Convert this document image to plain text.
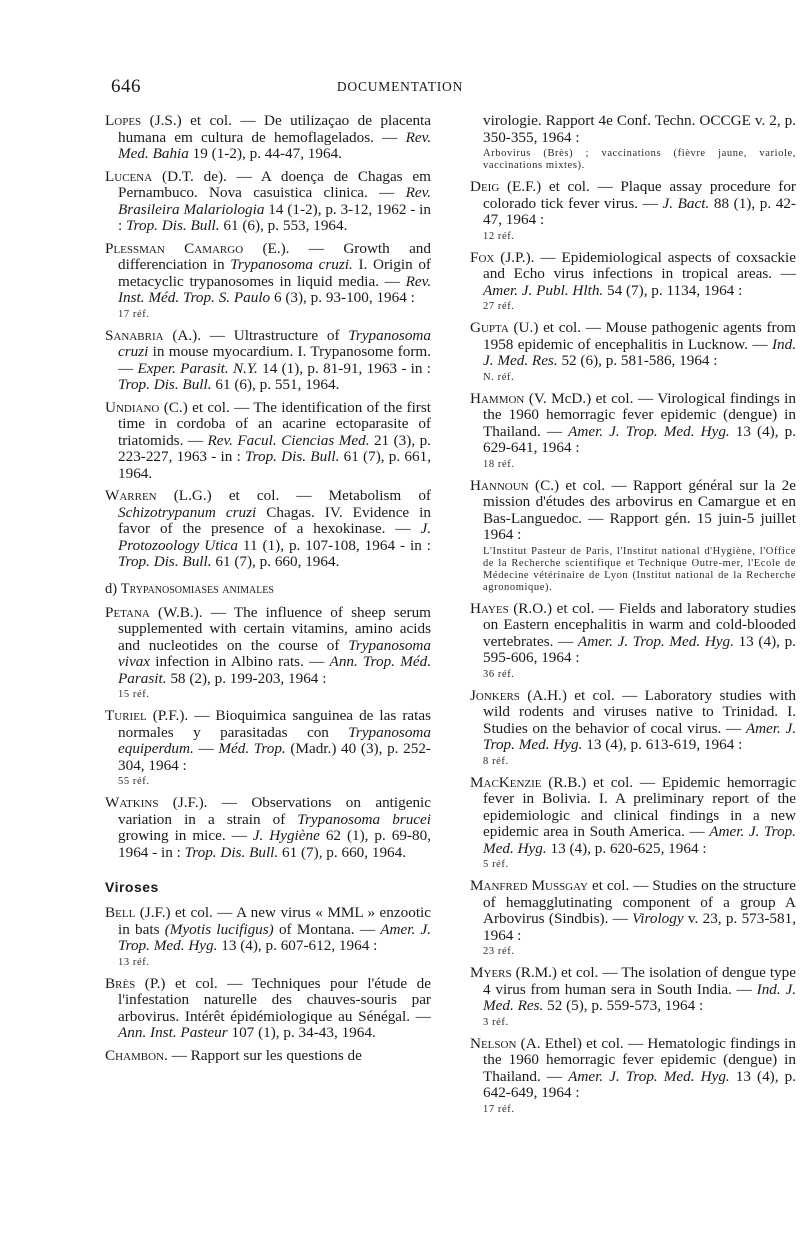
646	DOCUMENTATION
Lopes (J.S.) et col. — De utilizaçao de placenta humana em cultura de hemoflagelados. — Rev. Med. Bahia 19 (1-2), p. 44-47, 1964.
Lucena (D.T. de). — A doença de Chagas em Pernambuco. Nova casuistica clinica. — Rev. Brasileira Malariologia 14 (1-2), p. 3-12, 1962 - in : Trop. Dis. Bull. 61 (6), p. 553, 1964.
Plessman Camargo (E.). — Growth and differenciation in Trypanosoma cruzi. I. Origin of metacyclic trypanosomes in liquid media. — Rev. Inst. Méd. Trop. S. Paulo 6 (3), p. 93-100, 1964 :
17 réf.
Sanabria (A.). — Ultrastructure of Trypanosoma cruzi in mouse myocardium. I. Trypanosome form. — Exper. Parasit. N.Y. 14 (1), p. 81-91, 1963 - in : Trop. Dis. Bull. 61 (6), p. 551, 1964.
Undiano (C.) et col. — The identification of the first time in cordoba of an acarine ectoparasite of triatomids. — Rev. Facul. Ciencias Med. 21 (3), p. 223-227, 1963 - in : Trop. Dis. Bull. 61 (7), p. 661, 1964.
Warren (L.G.) et col. — Metabolism of Schizotrypanum cruzi Chagas. IV. Evidence in favor of the presence of a hexokinase. — J. Protozoology Utica 11 (1), p. 107-108, 1964 - in : Trop. Dis. Bull. 61 (7), p. 660, 1964.
d) Trypanosomiases animales
Petana (W.B.). — The influence of sheep serum supplemented with certain vitamins, amino acids and nucleotides on the course of Trypanosoma vivax infection in Albino rats. — Ann. Trop. Méd. Parasit. 58 (2), p. 199-203, 1964 :
15 réf.
Turiel (P.F.). — Bioquimica sanguinea de las ratas normales y parasitadas con Trypanosoma equiperdum. — Méd. Trop. (Madr.) 40 (3), p. 252-304, 1964 :
55 réf.
Watkins (J.F.). — Observations on antigenic variation in a strain of Trypanosoma brucei growing in mice. — J. Hygiène 62 (1), p. 69-80, 1964 - in : Trop. Dis. Bull. 61 (7), p. 660, 1964.
Viroses
Bell (J.F.) et col. — A new virus « MML » enzootic in bats (Myotis lucifigus) of Montana. — Amer. J. Trop. Med. Hyg. 13 (4), p. 607-612, 1964 :
13 réf.
Brès (P.) et col. — Techniques pour l'étude de l'infestation naturelle des chauves-souris par arbovirus. Intérêt épidémiologique au Sénégal. — Ann. Inst. Pasteur 107 (1), p. 34-43, 1964.
Chambon. — Rapport sur les questions de
virologie. Rapport 4e Conf. Techn. OCCGE v. 2, p. 350-355, 1964 :
Arbovirus (Brès) ; vaccinations (fièvre jaune, variole, vaccinations mixtes).
Deig (E.F.) et col. — Plaque assay procedure for colorado tick fever virus. — J. Bact. 88 (1), p. 42-47, 1964 :
12 réf.
Fox (J.P.). — Epidemiological aspects of coxsackie and Echo virus infections in tropical areas. — Amer. J. Publ. Hlth. 54 (7), p. 1134, 1964 :
27 réf.
Gupta (U.) et col. — Mouse pathogenic agents from 1958 epidemic of encephalitis in Lucknow. — Ind. J. Med. Res. 52 (6), p. 581-586, 1964 :
N. réf.
Hammon (V. McD.) et col. — Virological findings in the 1960 hemorragic fever epidemic (dengue) in Thailand. — Amer. J. Trop. Med. Hyg. 13 (4), p. 629-641, 1964 :
18 réf.
Hannoun (C.) et col. — Rapport général sur la 2e mission d'études des arbovirus en Camargue et en Bas-Languedoc. — Rapport gén. 15 juin-5 juillet 1964 :
L'Institut Pasteur de Paris, l'Institut national d'Hygiène, l'Office de la Recherche scientifique et Technique Outre-mer, l'Ecole de Médecine vétérinaire de Lyon (Institut national de la Recherche agronomique).
Hayes (R.O.) et col. — Fields and laboratory studies on Eastern encephalitis in warm and cold-blooded vertebrates. — Amer. J. Trop. Med. Hyg. 13 (4), p. 595-606, 1964 :
36 réf.
Jonkers (A.H.) et col. — Laboratory studies with wild rodents and viruses native to Trinidad. I. Studies on the behavior of cocal virus. — Amer. J. Trop. Med. Hyg. 13 (4), p. 613-619, 1964 :
8 réf.
MacKenzie (R.B.) et col. — Epidemic hemorragic fever in Bolivia. I. A preliminary report of the epidemiologic and clinical findings in a new epidemic area in South America. — Amer. J. Trop. Med. Hyg. 13 (4), p. 620-625, 1964 :
5 réf.
Manfred Mussgay et col. — Studies on the structure of hemagglutinating component of a group A Arbovirus (Sindbis). — Virology v. 23, p. 573-581, 1964 :
23 réf.
Myers (R.M.) et col. — The isolation of dengue type 4 virus from human sera in South India. — Ind. J. Med. Res. 52 (5), p. 559-573, 1964 :
3 réf.
Nelson (A. Ethel) et col. — Hematologic findings in the 1960 hemorragic fever epidemic (dengue) in Thailand. — Amer. J. Trop. Med. Hyg. 13 (4), p. 642-649, 1964 :
17 réf.
